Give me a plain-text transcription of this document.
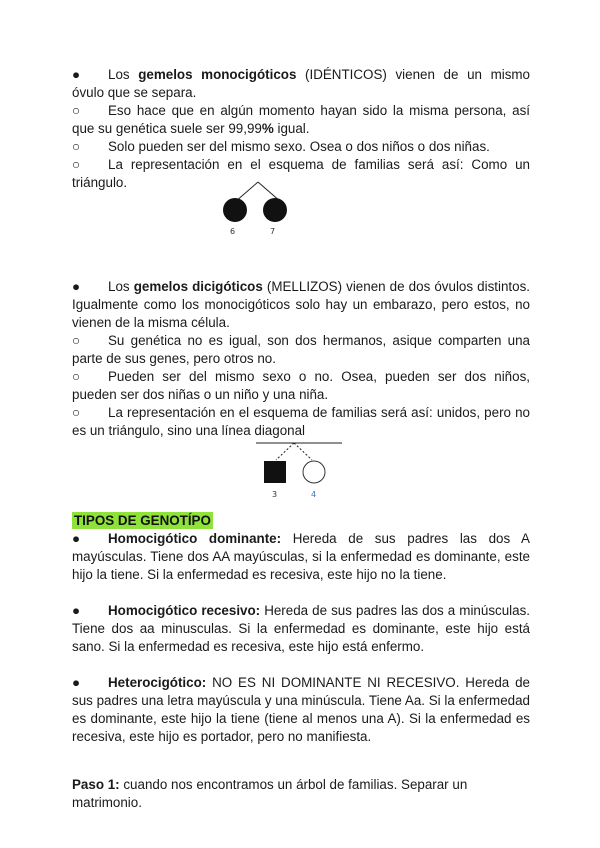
● Los gemelos monocigóticos (IDÉNTICOS) vienen de un mismo óvulo que se separa.

○ Eso hace que en algún momento hayan sido la misma persona, así que su genética suele ser 99,99% igual.

○ Solo pueden ser del mismo sexo. Osea o dos niños o dos niñas.

○ La representación en el esquema de familias será así: Como un triángulo.

6	7

● Los gemelos dicigóticos (MELLIZOS) vienen de dos óvulos distintos. Igualmente como los monocigóticos solo hay un embarazo, pero estos, no vienen de la misma célula.

○ Su genética no es igual, son dos hermanos, asique comparten una parte de sus genes, pero otros no.

○ Pueden ser del mismo sexo o no. Osea, pueden ser dos niños, pueden ser dos niñas o un niño y una niña.

○ La representación en el esquema de familias será así: unidos, pero no es un triángulo, sino una línea diagonal

3	4

TIPOS DE GENOTÍPO

● Homocigótico dominante: Hereda de sus padres las dos A mayúsculas. Tiene dos AA mayúsculas, si la enfermedad es dominante, este hijo la tiene. Si la enfermedad es recesiva, este hijo no la tiene.

● Homocigótico recesivo: Hereda de sus padres las dos a minúsculas. Tiene dos aa minusculas. Si la enfermedad es dominante, este hijo está sano. Si la enfermedad es recesiva, este hijo está enfermo.

● Heterocigótico: NO ES NI DOMINANTE NI RECESIVO. Hereda de sus padres una letra mayúscula y una minúscula. Tiene Aa. Si la enfermedad es dominante, este hijo la tiene (tiene al menos una A). Si la enfermedad es recesiva, este hijo es portador, pero no manifiesta.

Paso 1: cuando nos encontramos un árbol de familias. Separar un matrimonio.
